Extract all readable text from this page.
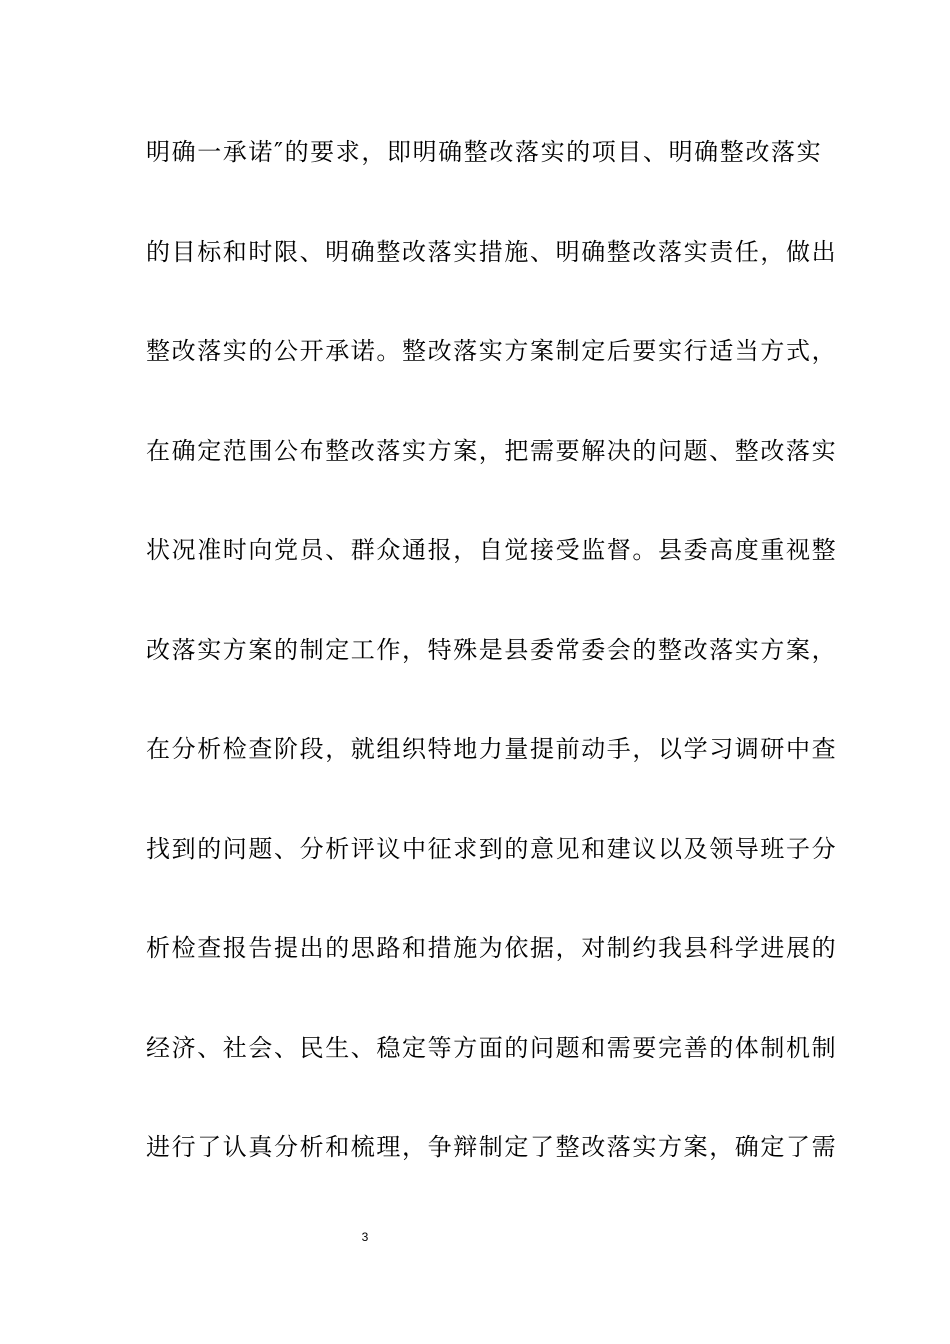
明确一承诺″的要求，即明确整改落实的项目、明确整改落实
的目标和时限、明确整改落实措施、明确整改落实责任，做出
整改落实的公开承诺。整改落实方案制定后要实行适当方式，
在确定范围公布整改落实方案，把需要解决的问题、整改落实
状况准时向党员、群众通报，自觉接受监督。县委高度重视整
改落实方案的制定工作，特殊是县委常委会的整改落实方案，
在分析检查阶段，就组织特地力量提前动手，以学习调研中查
找到的问题、分析评议中征求到的意见和建议以及领导班子分
析检查报告提出的思路和措施为依据，对制约我县科学进展的
经济、社会、民生、稳定等方面的问题和需要完善的体制机制
进行了认真分析和梳理，争辩制定了整改落实方案，确定了需
3
